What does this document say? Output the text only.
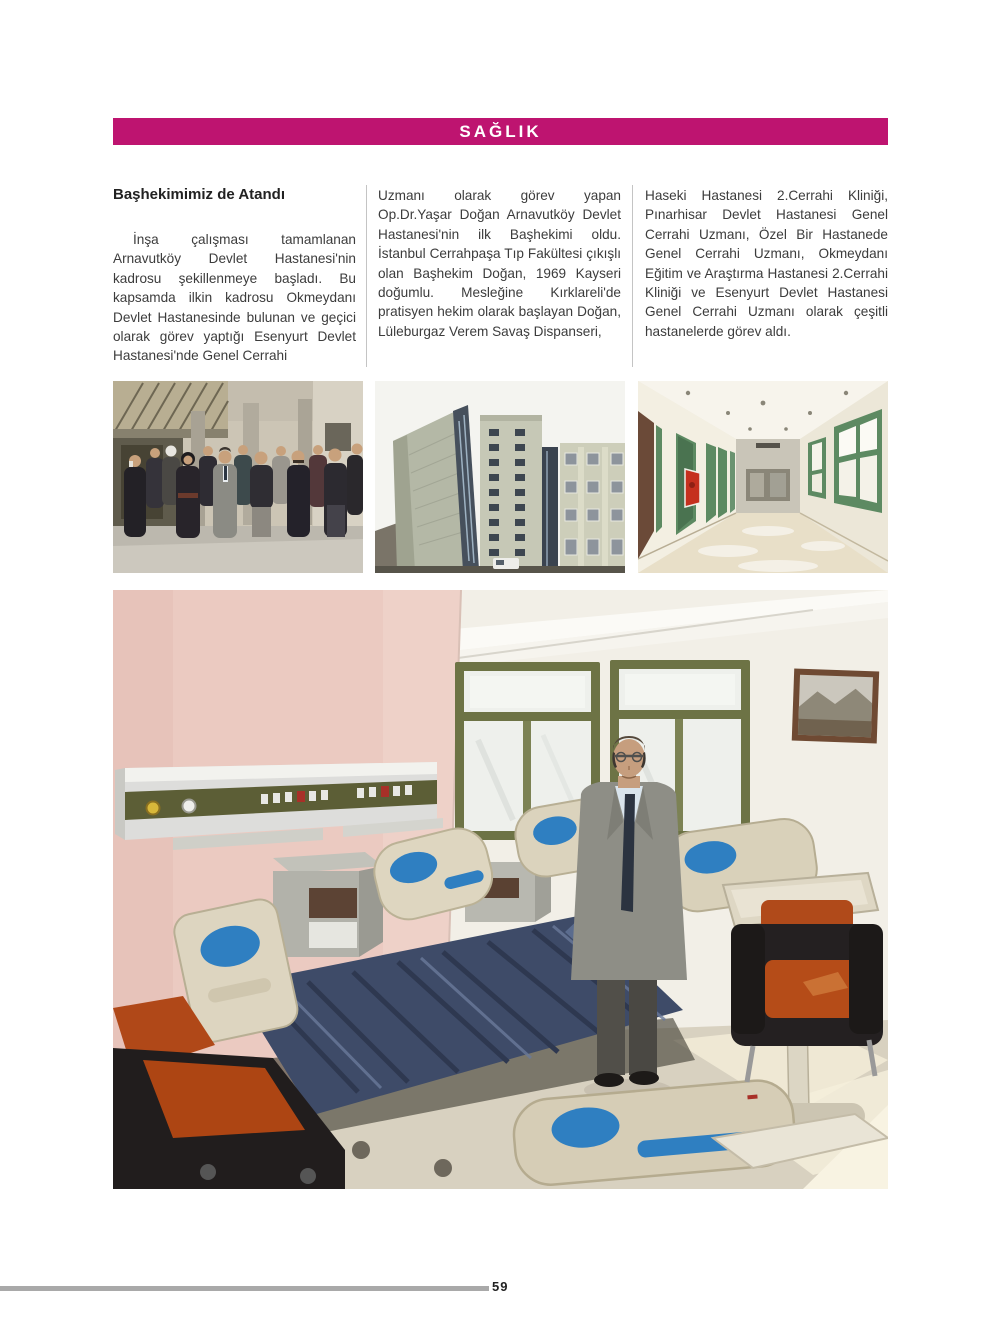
SAĞLIK
Başhekimimiz de Atandı
İnşa çalışması tamamlanan Arnavutköy Devlet Hastanesi'nin kadrosu şekillenmeye başladı. Bu kapsamda ilkin kadrosu Okmeydanı Devlet Hastanesinde bulunan ve geçici olarak görev yaptığı Esenyurt Devlet Hastanesi'nde Genel Cerrahi
Uzmanı olarak görev yapan Op.Dr.Yaşar Doğan Arnavutköy Devlet Hastanesi'nin ilk Başhekimi oldu. İstanbul Cerrahpaşa Tıp Fakültesi çıkışlı olan Başhekim Doğan, 1969 Kayseri doğumlu. Mesleğine Kırklareli'de pratisyen hekim olarak başlayan Doğan, Lüleburgaz Verem Savaş Dispanseri,
Haseki Hastanesi 2.Cerrahi Kliniği, Pınarhisar Devlet Hastanesi Genel Cerrahi Uzmanı, Özel Bir Hastanede Genel Cerrahi Uzmanı, Okmeydanı Eğitim ve Araştırma Hastanesi 2.Cerrahi Kliniği ve Esenyurt Devlet Hastanesi Genel Cerrahi Uzmanı olarak çeşitli hastanelerde görev aldı.
59
